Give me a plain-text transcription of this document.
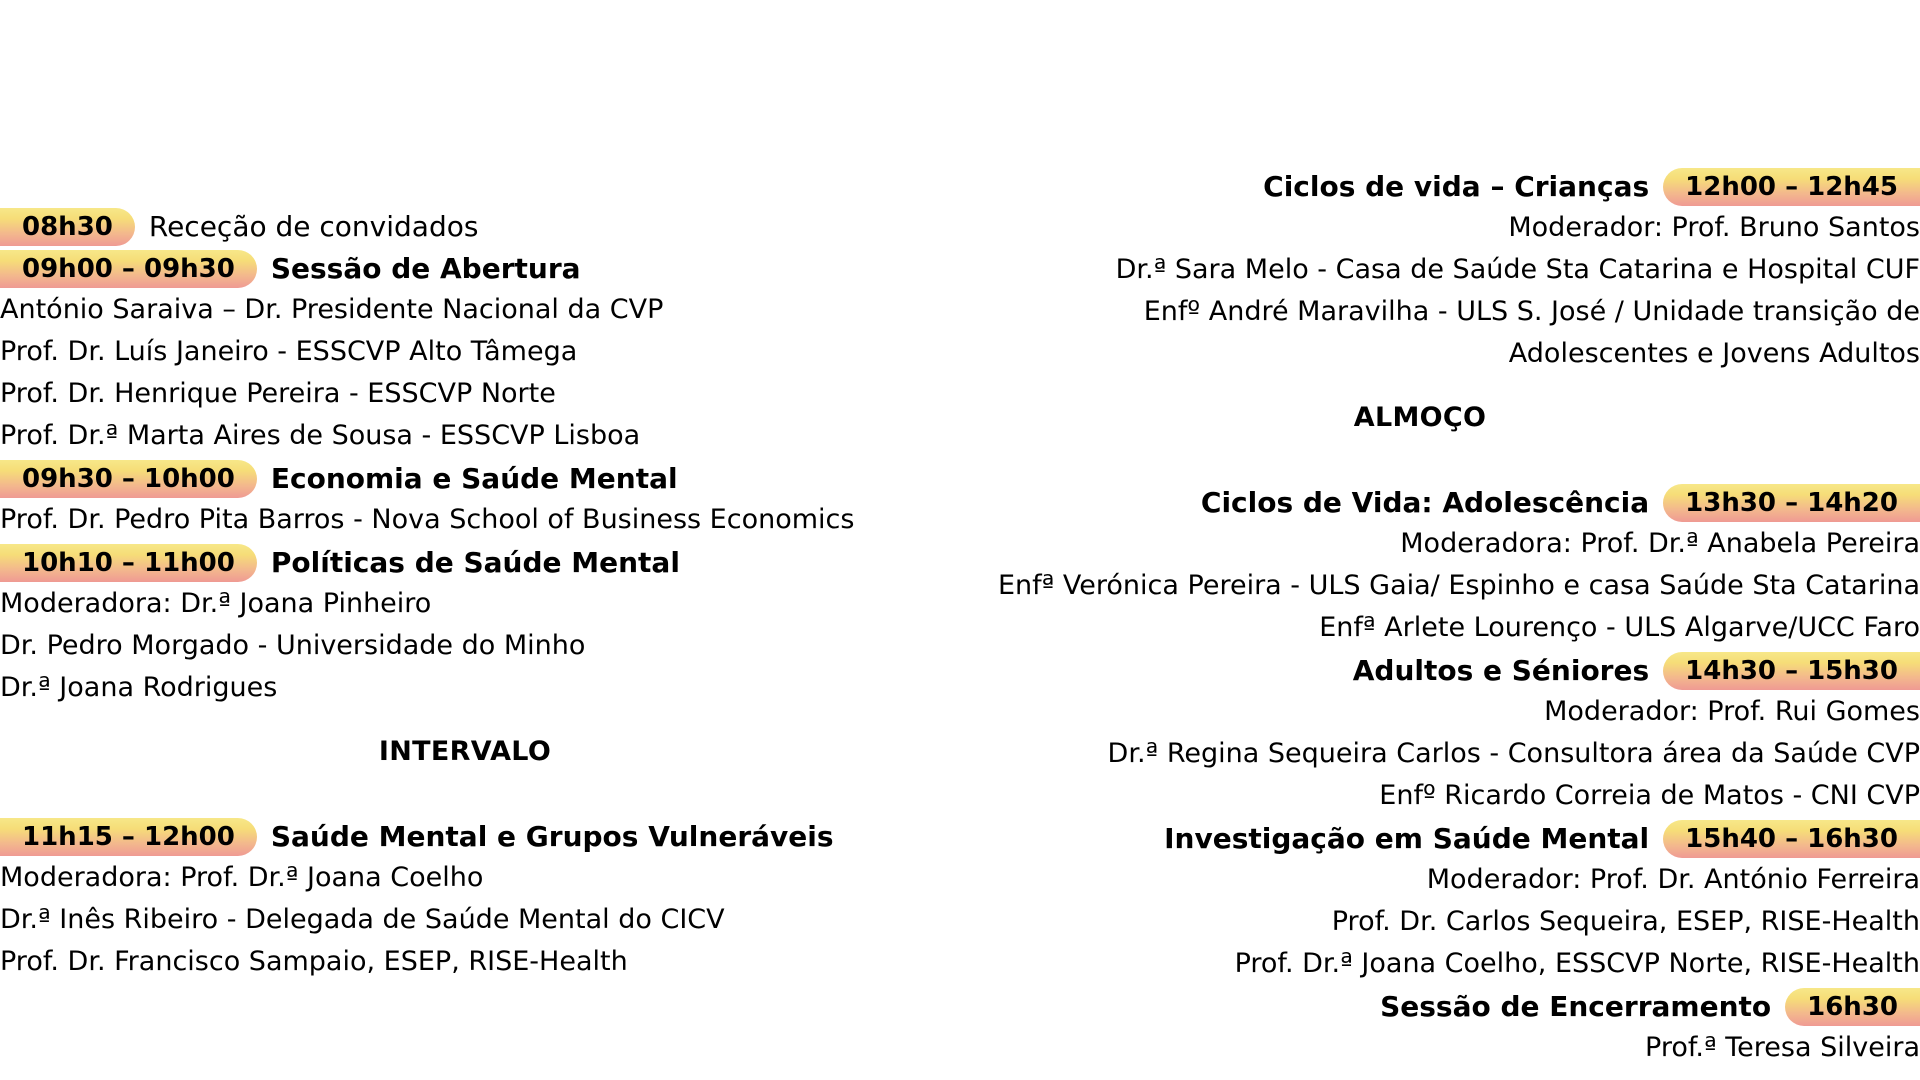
08h30 Receção de convidados
09h00 – 09h30 Sessão de Abertura
António Saraiva – Dr. Presidente Nacional da CVP
Prof. Dr. Luís Janeiro - ESSCVP Alto Tâmega
Prof. Dr. Henrique Pereira - ESSCVP Norte
Prof. Dr.ª Marta Aires de Sousa - ESSCVP Lisboa
09h30 – 10h00 Economia e Saúde Mental
Prof. Dr. Pedro Pita Barros - Nova School of Business Economics
10h10 – 11h00 Políticas de Saúde Mental
Moderadora: Dr.ª Joana Pinheiro
Dr. Pedro Morgado - Universidade do Minho
Dr.ª Joana Rodrigues
INTERVALO
11h15 – 12h00 Saúde Mental e Grupos Vulneráveis
Moderadora: Prof. Dr.ª Joana Coelho
Dr.ª Inês Ribeiro - Delegada de Saúde Mental do CICV
Prof. Dr. Francisco Sampaio, ESEP, RISE-Health
Ciclos de vida – Crianças 12h00 – 12h45
Moderador: Prof. Bruno Santos
Dr.ª Sara Melo - Casa de Saúde Sta Catarina e Hospital CUF
Enfº André Maravilha - ULS S. José / Unidade transição de
Adolescentes e Jovens Adultos
ALMOÇO
Ciclos de Vida: Adolescência 13h30 – 14h20
Moderadora: Prof. Dr.ª Anabela Pereira
Enfª Verónica Pereira - ULS Gaia/ Espinho e casa Saúde Sta Catarina
Enfª Arlete Lourenço - ULS Algarve/UCC Faro
Adultos e Séniores 14h30 – 15h30
Moderador: Prof. Rui Gomes
Dr.ª Regina Sequeira Carlos - Consultora área da Saúde CVP
Enfº Ricardo Correia de Matos - CNI CVP
Investigação em Saúde Mental 15h40 – 16h30
Moderador: Prof. Dr. António Ferreira
Prof. Dr. Carlos Sequeira, ESEP, RISE-Health
Prof. Dr.ª Joana Coelho, ESSCVP Norte, RISE-Health
Sessão de Encerramento 16h30
Prof.ª Teresa Silveira
